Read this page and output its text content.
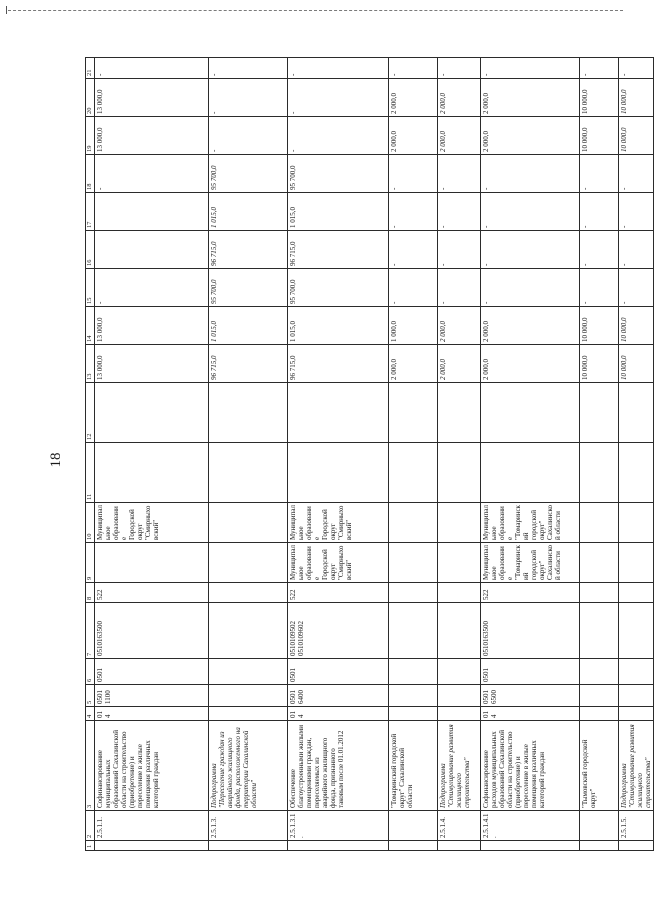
18
1	2	3	4	5	6	7	8	9	10	11	12	13	14	15	16	17	18	19	20	21
	2.5.1.1.	Софинансирование муниципальных образований Сахалинской области на строительство (приобретение) и переселение в жилые помещения различных категорий граждан	014	0501 1100	0501	0510163500	522		Муниципальное образование Городской округ "Смирныховский"			13 000,0	13 000,0	-			-	13 000,0	13 000,0	-
	2.5.1.3.	Подпрограмма "Переселение граждан из аварийного жилищного фонда, расположенного на территории Сахалинской области"										96 715,0	1 015,0	95 700,0	96 715,0	1 015,0	95 700,0	-	-	-
	2.5.1.3.1.	Обеспечение благоустроенными жилыми помещениями граждан, переселяемых из аварийного жилищного фонда, признанного таковым после 01.01.2012	014	0501 6400	0501	0510109502 0510109602	522	Муниципальное образование Городской округ "Смирныховский"	Муниципальное образование Городской округ "Смирныховский"			96 715,0	1 015,0	95 700,0	96 715,0	1 015,0	95 700,0	-	-	-
		"Томаринский городской округ" Сахалинской области										2 000,0	1 000,0	-	-	-	-	2 000,0	2 000,0	-
	2.5.1.4.	Подпрограмма "Стимулирование развития жилищного строительства"										2 000,0	2 000,0	-	-	-	-	2 000,0	2 000,0	-
	2.5.1.4.1.	Софинансирование расходов муниципальных образований Сахалинской области на строительство (приобретение) и переселение в жилые помещения различных категорий граждан	014	0501 6500	0501	0510163500	522	Муниципальное образование "Томаринский городской округ" Сахалинской области	Муниципальное образование "Томаринский городской округ" Сахалинской области			2 000,0	2 000,0	-	-	-	-	2 000,0	2 000,0	-
		"Тымовский городской округ"										10 000,0	10 000,0	-	-	-	-	10 000,0	10 000,0	-
	2.5.1.5.	Подпрограмма "Стимулирование развития жилищного строительства"										10 000,0	10 000,0	-	-	-	-	10 000,0	10 000,0	-
